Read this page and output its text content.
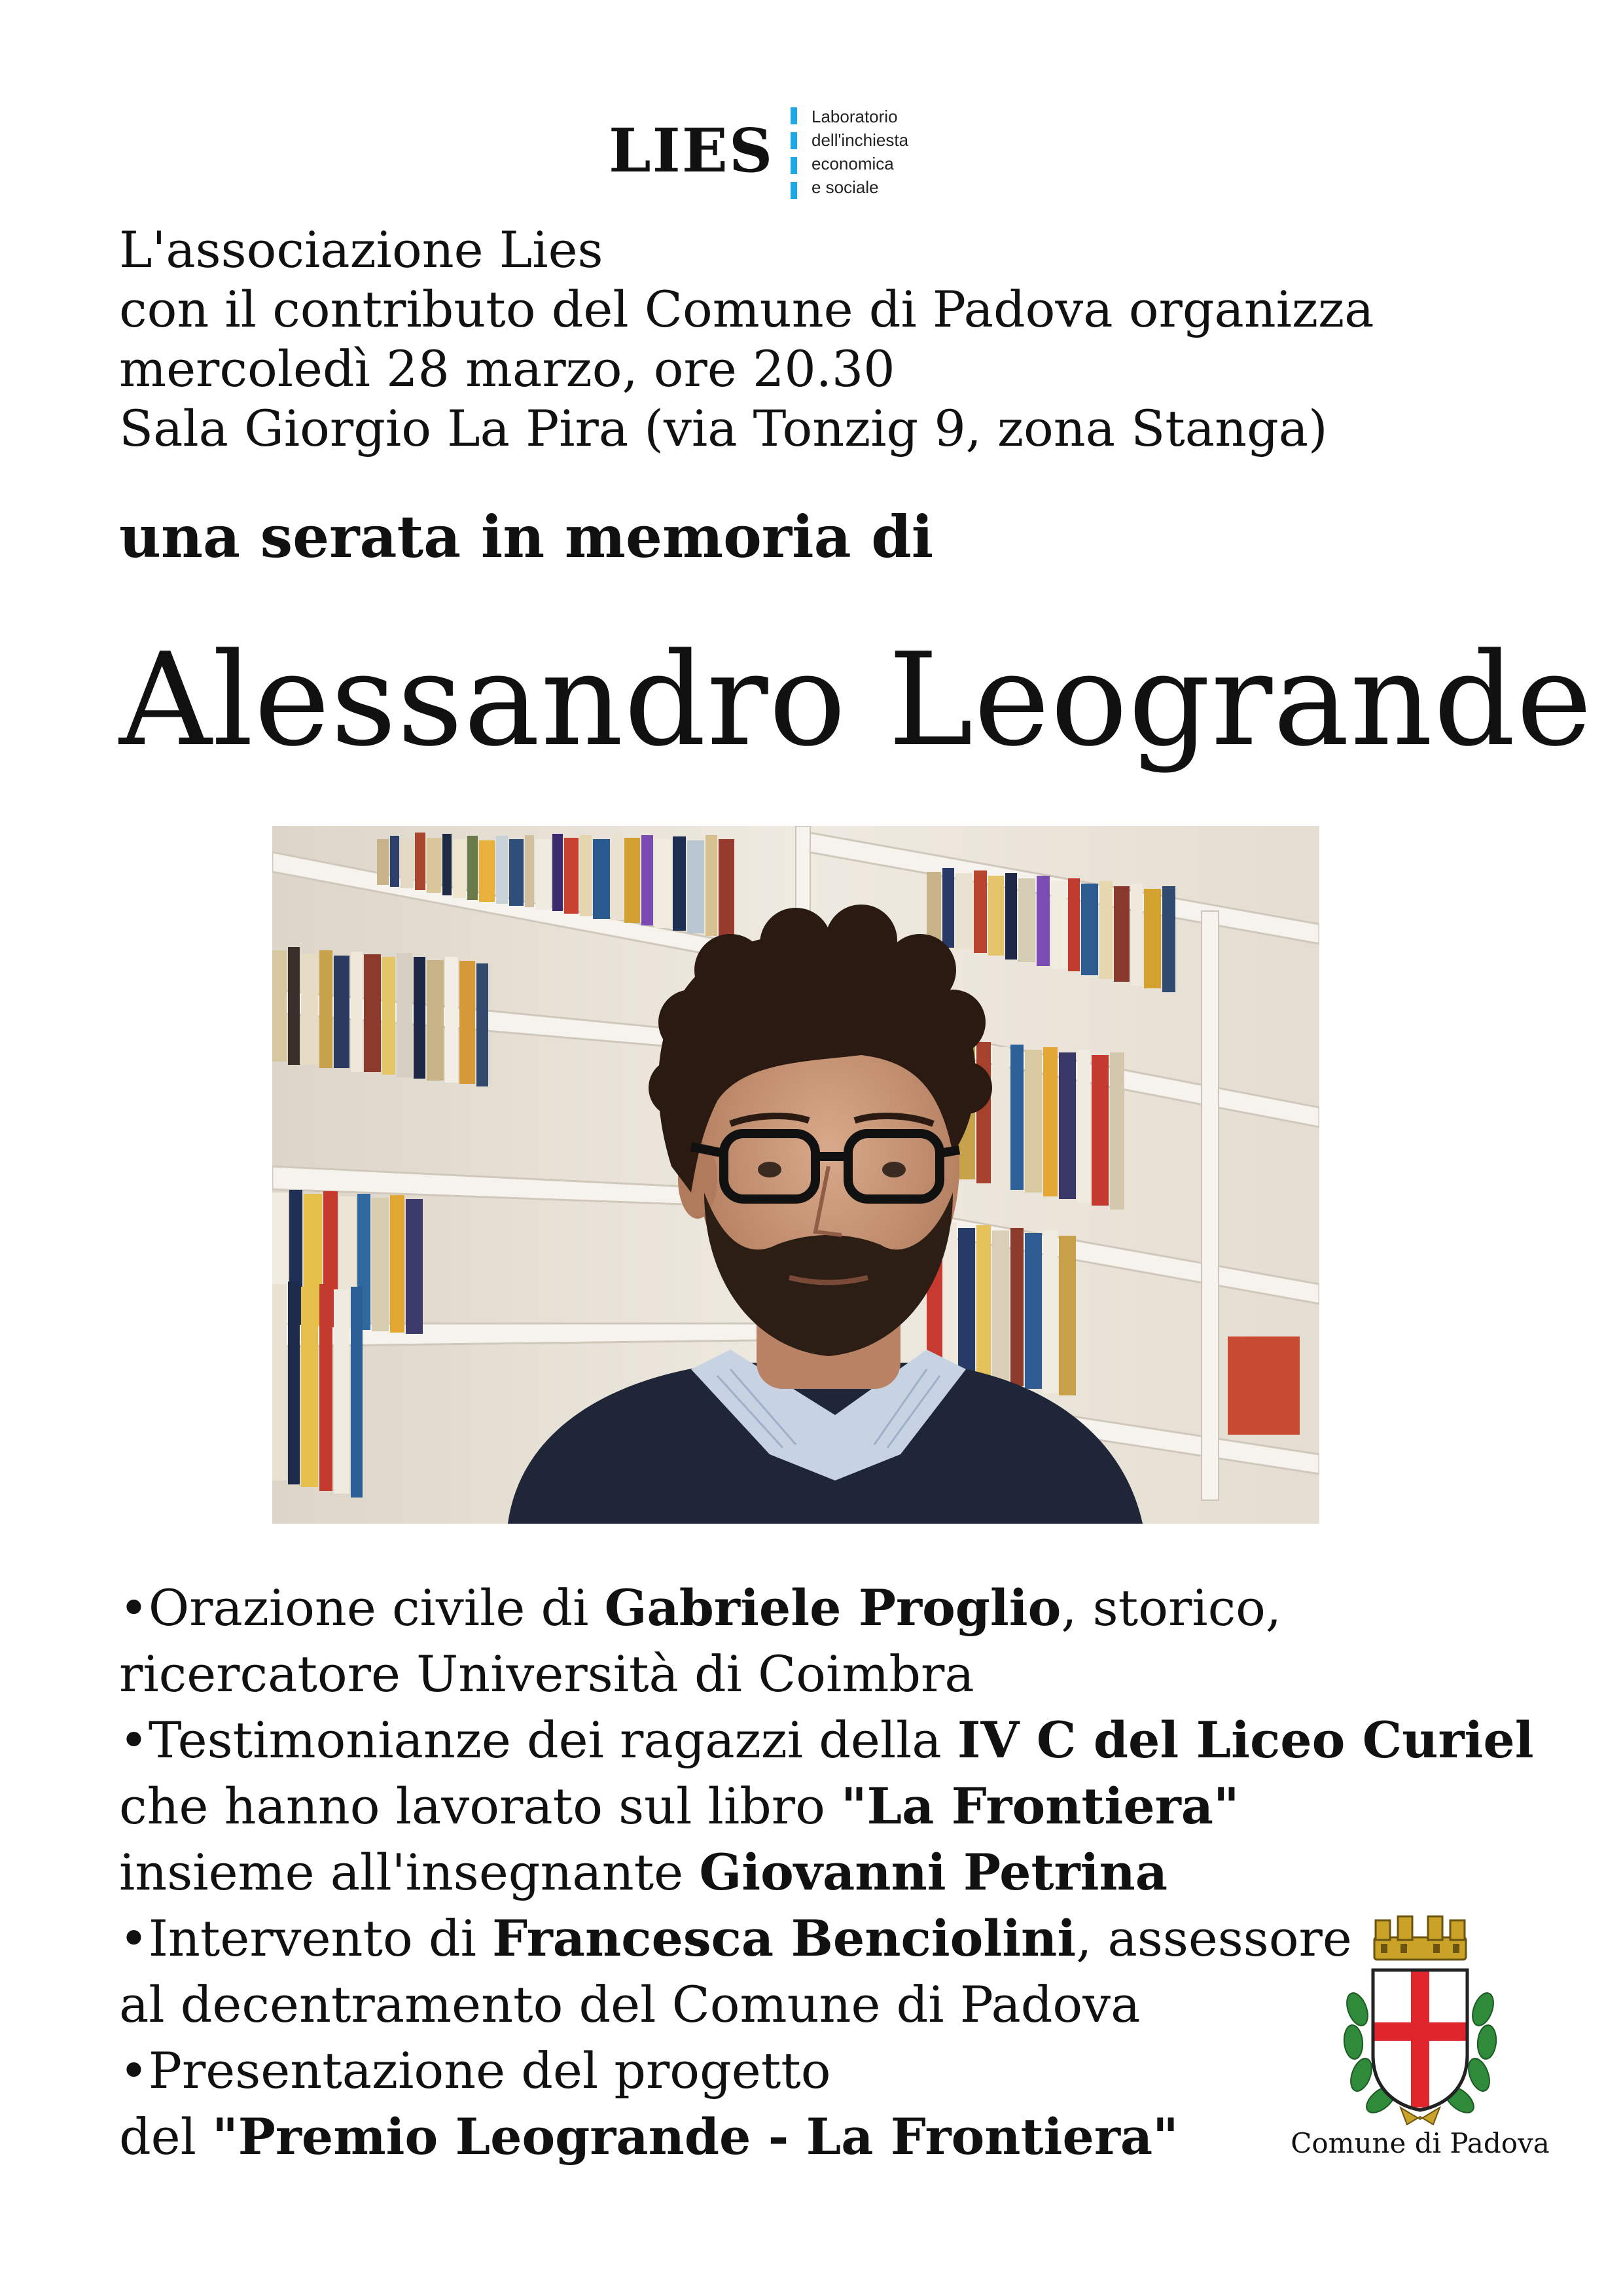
LIES Laboratorio
dell'inchiesta
economica
e sociale
L'associazione Lies
con il contributo del Comune di Padova organizza
mercoledì 28 marzo, ore 20.30
Sala Giorgio La Pira (via Tonzig 9, zona Stanga)
una serata in memoria di
Alessandro Leogrande
•Orazione civile di Gabriele Proglio, storico,
ricercatore Università di Coimbra
•Testimonianze dei ragazzi della IV C del Liceo Curiel
che hanno lavorato sul libro "La Frontiera"
insieme all'insegnante Giovanni Petrina
•Intervento di Francesca Benciolini, assessore
al decentramento del Comune di Padova
•Presentazione del progetto
del "Premio Leogrande - La Frontiera"	Comune di Padova
